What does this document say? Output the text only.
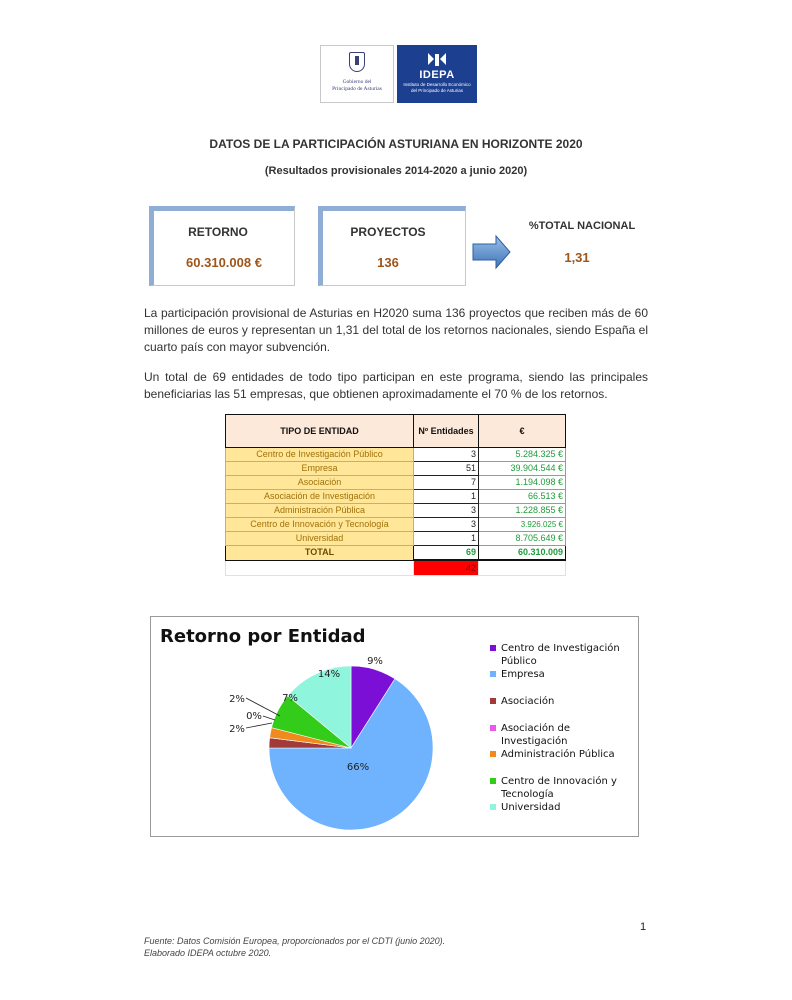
Gobierno del
Principado de Asturias
IDEPA
Instituto de Desarrollo Económico
del Principado de Asturias
DATOS DE LA PARTICIPACIÓN ASTURIANA EN HORIZONTE 2020
(Resultados provisionales 2014-2020 a junio 2020)
RETORNO
60.310.008 €
PROYECTOS
136
%TOTAL NACIONAL
1,31
La participación provisional de Asturias en H2020 suma 136 proyectos que reciben más de 60 millones de euros y representan un 1,31 del total de los retornos nacionales, siendo España el cuarto país con mayor subvención.
Un total de 69 entidades de todo tipo participan en este programa, siendo las principales beneficiarias las 51 empresas, que obtienen aproximadamente el 70 % de los retornos.
TIPO DE ENTIDAD	Nº Entidades	€
Centro de Investigación Público	3	5.284.325 €
Empresa	51	39.904.544 €
Asociación	7	1.194.098 €
Asociación de Investigación	1	66.513 €
Administración Pública	3	1.228.855 €
Centro de Innovación y Tecnología	3	3.926.025 €
Universidad	1	8.705.649 €
TOTAL	69	60.310.009
	42	
Retorno por Entidad
9%
66%
2%
0%
2%	7%
14%
Centro de Investigación Público
Empresa
Asociación
Asociación de Investigación
Administración Pública
Centro de Innovación y Tecnología
Universidad
1
Fuente: Datos Comisión Europea, proporcionados por el CDTI (junio 2020).
Elaborado IDEPA octubre 2020.
